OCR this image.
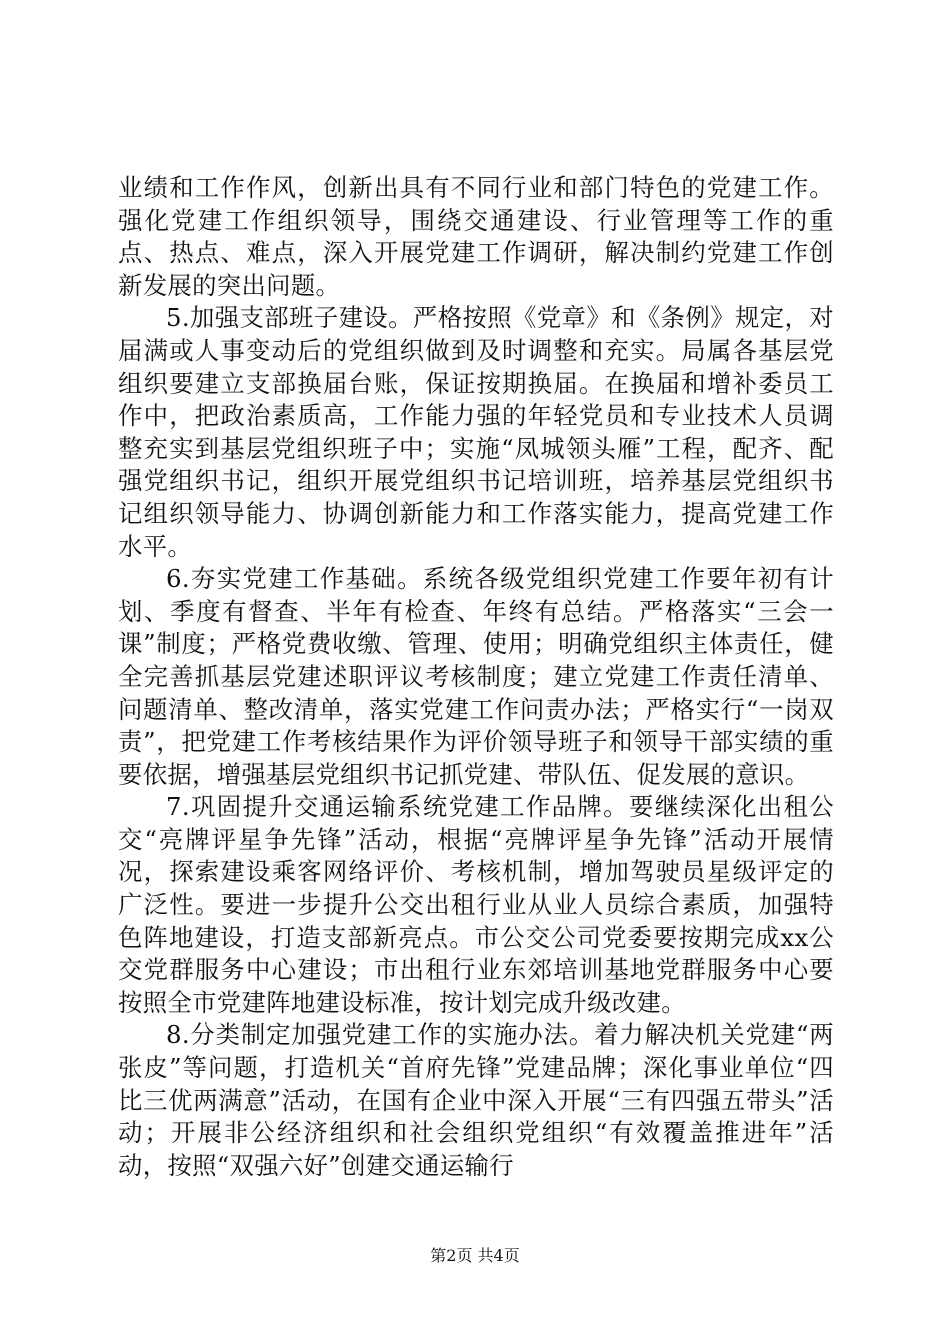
业绩和工作作风，创新出具有不同行业和部门特色的党建工作。强化党建工作组织领导，围绕交通建设、行业管理等工作的重点、热点、难点，深入开展党建工作调研，解决制约党建工作创新发展的突出问题。

5.加强支部班子建设。严格按照《党章》和《条例》规定，对届满或人事变动后的党组织做到及时调整和充实。局属各基层党组织要建立支部换届台账，保证按期换届。在换届和增补委员工作中，把政治素质高，工作能力强的年轻党员和专业技术人员调整充实到基层党组织班子中；实施“凤城领头雁”工程，配齐、配强党组织书记，组织开展党组织书记培训班，培养基层党组织书记组织领导能力、协调创新能力和工作落实能力，提高党建工作水平。

6.夯实党建工作基础。系统各级党组织党建工作要年初有计划、季度有督查、半年有检查、年终有总结。严格落实“三会一课”制度；严格党费收缴、管理、使用；明确党组织主体责任，健全完善抓基层党建述职评议考核制度；建立党建工作责任清单、问题清单、整改清单，落实党建工作问责办法；严格实行“一岗双责”，把党建工作考核结果作为评价领导班子和领导干部实绩的重要依据，增强基层党组织书记抓党建、带队伍、促发展的意识。

7.巩固提升交通运输系统党建工作品牌。要继续深化出租公交“亮牌评星争先锋”活动，根据“亮牌评星争先锋”活动开展情况，探索建设乘客网络评价、考核机制，增加驾驶员星级评定的广泛性。要进一步提升公交出租行业从业人员综合素质，加强特色阵地建设，打造支部新亮点。市公交公司党委要按期完成xx公交党群服务中心建设；市出租行业东郊培训基地党群服务中心要按照全市党建阵地建设标准，按计划完成升级改建。

8.分类制定加强党建工作的实施办法。着力解决机关党建“两张皮”等问题，打造机关“首府先锋”党建品牌；深化事业单位“四比三优两满意”活动，在国有企业中深入开展“三有四强五带头”活动；开展非公经济组织和社会组织党组织“有效覆盖推进年”活动，按照“双强六好”创建交通运输行

第2页 共4页
